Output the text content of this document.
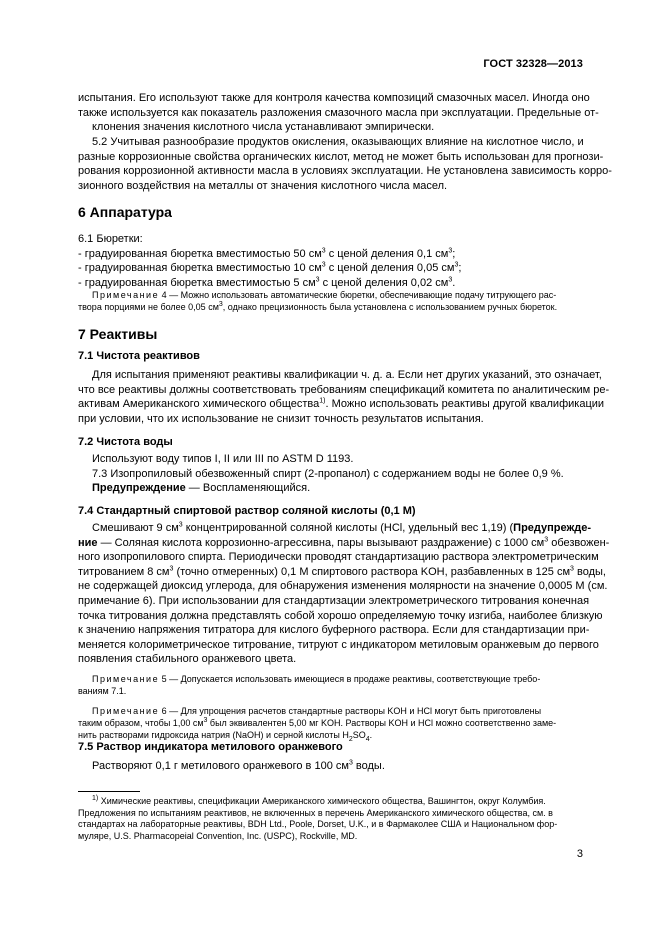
ГОСТ 32328—2013
испытания. Его используют также для контроля качества композиций смазочных масел. Иногда оно
также используется как показатель разложения смазочного масла при эксплуатации. Предельные от-
клонения значения кислотного числа устанавливают эмпирически.
5.2 Учитывая разнообразие продуктов окисления, оказывающих влияние на кислотное число, и
разные коррозионные свойства органических кислот, метод не может быть использован для прогнози-
рования коррозионной активности масла в условиях эксплуатации. Не установлена зависимость корро-
зионного воздействия на металлы от значения кислотного числа масел.
6 Аппаратура
6.1 Бюретки:
- градуированная бюретка вместимостью 50 $см^3$ с ценой деления 0,1 $см^3$;
- градуированная бюретка вместимостью 10 $см^3$ с ценой деления 0,05 $см^3$;
- градуированная бюретка вместимостью 5 $см^3$ с ценой деления 0,02 $см^3$.
Примечание 4 — Можно использовать автоматические бюретки, обеспечивающие подачу титрующего рас-
твора порциями не более 0,05 $см^3$, однако прецизионность была установлена с использованием ручных бюреток.
7 Реактивы
7.1 Чистота реактивов
Для испытания применяют реактивы квалификации ч. д. а. Если нет других указаний, это означает,
что все реактивы должны соответствовать требованиям спецификаций комитета по аналитическим ре-
активам Американского химического общества$^{1)}$. Можно использовать реактивы другой квалификации
при условии, что их использование не снизит точность результатов испытания.
7.2 Чистота воды
Используют воду типов I, II или III по ASTM D 1193.
7.3 Изопропиловый обезвоженный спирт (2-пропанол) с содержанием воды не более 0,9 %.
Предупреждение — Воспламеняющийся.
7.4 Стандартный спиртовой раствор соляной кислоты (0,1 М)
Смешивают 9 $см^3$ концентрированной соляной кислоты (HCl, удельный вес 1,19) (Предупрежде-
ние — Соляная кислота коррозионно-агрессивна, пары вызывают раздражение) с 1000 $см^3$ обезвожен-
ного изопропилового спирта. Периодически проводят стандартизацию раствора электрометрическим
титрованием 8 $см^3$ (точно отмеренных) 0,1 М спиртового раствора KOH, разбавленных в 125 $см^3$ воды,
не содержащей диоксид углерода, для обнаружения изменения молярности на значение 0,0005 М (см.
примечание 6). При использовании для стандартизации электрометрического титрования конечная
точка титрования должна представлять собой хорошо определяемую точку изгиба, наиболее близкую
к значению напряжения титратора для кислого буферного раствора. Если для стандартизации при-
меняется колориметрическое титрование, титруют с индикатором метиловым оранжевым до первого
появления стабильного оранжевого цвета.
Примечание 5 — Допускается использовать имеющиеся в продаже реактивы, соответствующие требо-
ваниям 7.1.
Примечание 6 — Для упрощения расчетов стандартные растворы KOH и HCl могут быть приготовлены
таким образом, чтобы 1,00 $см^3$ был эквивалентен 5,00 мг KOH. Растворы KOH и HCl можно соответственно заме-
нить растворами гидроксида натрия (NaOH) и серной кислоты $H_2SO_4$.
7.5 Раствор индикатора метилового оранжевого
Растворяют 0,1 г метилового оранжевого в 100 $см^3$ воды.
$^{1)}$ Химические реактивы, спецификации Американского химического общества, Вашингтон, округ Колумбия.
Предложения по испытаниям реактивов, не включенных в перечень Американского химического общества, см. в
стандартах на лабораторные реактивы, BDH Ltd., Poole, Dorset, U.K., и в Фармаколее США и Национальном фор-
муляре, U.S. Pharmacopeial Convention, Inc. (USPC), Rockville, MD.
3
